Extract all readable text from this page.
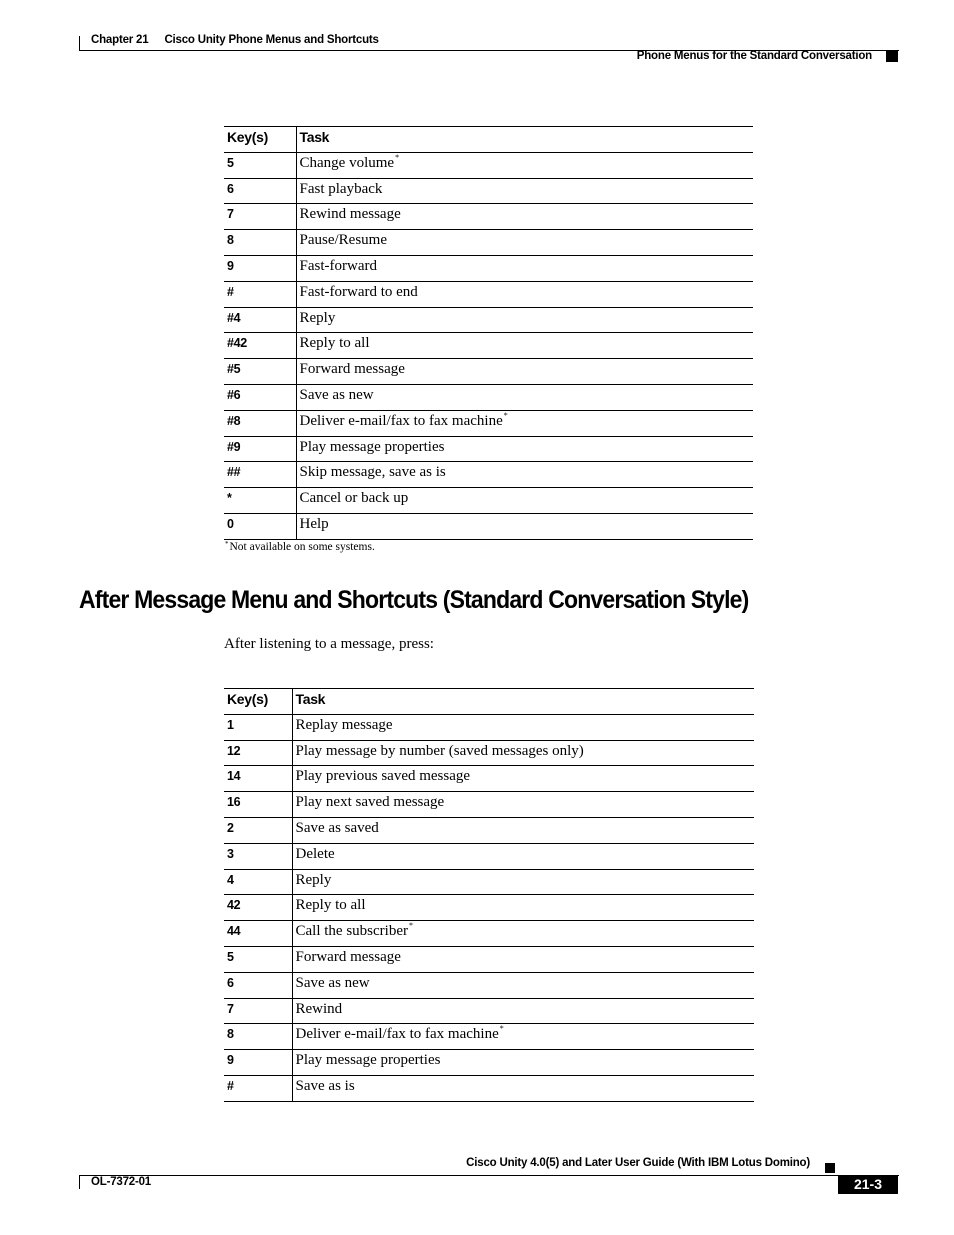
Chapter 21 Cisco Unity Phone Menus and Shortcuts
Phone Menus for the Standard Conversation
Key(s)	Task
5	Change volume*
6	Fast playback
7	Rewind message
8	Pause/Resume
9	Fast-forward
#	Fast-forward to end
#4	Reply
#42	Reply to all
#5	Forward message
#6	Save as new
#8	Deliver e-mail/fax to fax machine*
#9	Play message properties
##	Skip message, save as is
*	Cancel or back up
0	Help
*Not available on some systems.
After Message Menu and Shortcuts (Standard Conversation Style)
After listening to a message, press:
Key(s)	Task
1	Replay message
12	Play message by number (saved messages only)
14	Play previous saved message
16	Play next saved message
2	Save as saved
3	Delete
4	Reply
42	Reply to all
44	Call the subscriber*
5	Forward message
6	Save as new
7	Rewind
8	Deliver e-mail/fax to fax machine*
9	Play message properties
#	Save as is
Cisco Unity 4.0(5) and Later User Guide (With IBM Lotus Domino)
OL-7372-01	21-3
